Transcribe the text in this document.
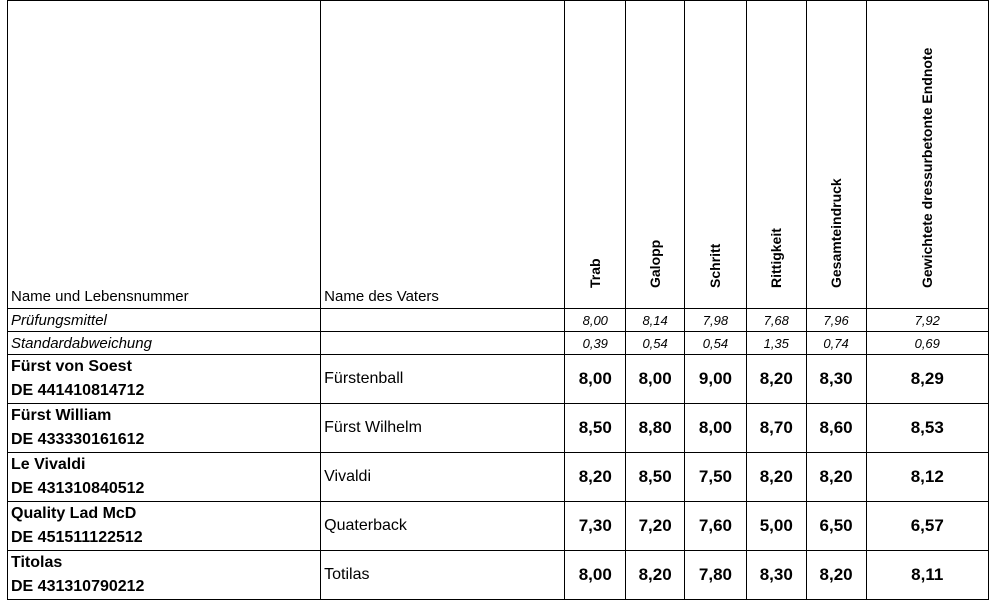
Name und Lebensnummer	Name des Vaters	Trab	Galopp	Schritt	Rittigkeit	Gesamteindruck	Gewichtete dressurbetonte Endnote

Prüfungsmittel		8,00	8,14	7,98	7,68	7,96	7,92
Standardabweichung		0,39	0,54	0,54	1,35	0,74	0,69

Fürst von Soest
DE 441410814712	Fürstenball	8,00	8,00	9,00	8,20	8,30	8,29

Fürst William
DE 433330161612	Fürst Wilhelm	8,50	8,80	8,00	8,70	8,60	8,53

Le Vivaldi
DE 431310840512	Vivaldi	8,20	8,50	7,50	8,20	8,20	8,12

Quality Lad McD
DE 451511122512	Quaterback	7,30	7,20	7,60	5,00	6,50	6,57

Titolas
DE 431310790212	Totilas	8,00	8,20	7,80	8,30	8,20	8,11
